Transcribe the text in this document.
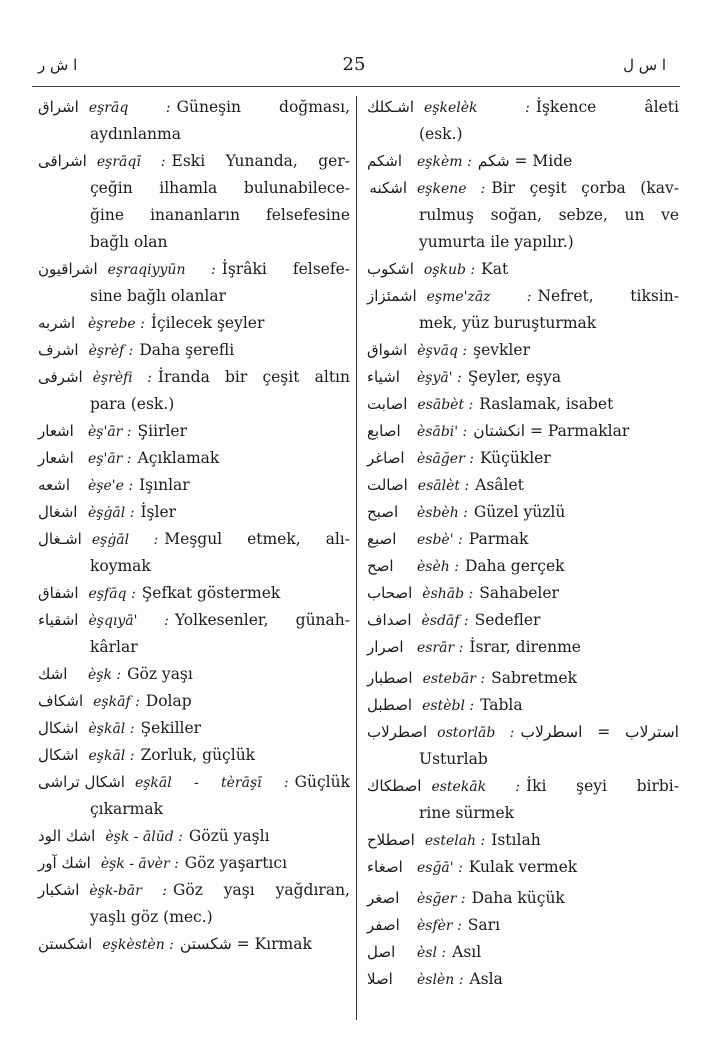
ا ش ر	25	ا س ل
اشراق eşrāq : Güneşin doğması,
aydınlanma
اشراقى eşrāqī : Eski Yunanda, ger-
çeğin ilhamla bulunabilece-
ğine inananların felsefesine
bağlı olan
اشراقيون eşraqiyyūn : İşrâki felsefe-
sine bağlı olanlar
اشربه èşrebe : İçilecek şeyler
اشرف èşrèf : Daha şerefli
اشرفى èşrèfi : İranda bir çeşit altın
para (esk.)
اشعار èş'ār : Şiirler
اشعار eş'ār : Açıklamak
اشعه èşe'e : Işınlar
اشغال èşġāl : İşler
اشـغال eşġāl : Meşgul etmek, alı-
koymak
اشفاق eşfāq : Şefkat göstermek
اشقياء èşqıyā' : Yolkesenler, günah-
kârlar
اشك èşk : Göz yaşı
اشكاف eşkāf : Dolap
اشكال èşkāl : Şekiller
اشكال eşkāl : Zorluk, güçlük
اشكال تراشى eşkāl - tèrāşī : Güçlük
çıkarmak
اشك الود èşk - ālūd : Gözü yaşlı
اشك آور èşk - āvèr : Göz yaşartıcı
اشكبار èşk-bār : Göz yaşı yağdıran,
yaşlı göz (mec.)
اشكستن eşkèstèn : شكستن = Kırmak
اشـكلك eşkelèk : İşkence âleti
(esk.)
اشكم eşkèm : شكم = Mide
اشكنه eşkene : Bir çeşit çorba (kav-
rulmuş soğan, sebze, un ve
yumurta ile yapılır.)
اشكوب oşkub : Kat
اشمئزاز eşme'zāz : Nefret, tiksin-
mek, yüz buruşturmak
اشواق èşvāq : şevkler
اشياء èşyā' : Şeyler, eşya
اصابت esābèt : Raslamak, isabet
اصابع èsābi' : انكشتان = Parmaklar
اصاغر èsāğer : Küçükler
اصالت esālèt : Asâlet
اصبح èsbèh : Güzel yüzlü
اصبع esbè' : Parmak
اصح èsèh : Daha gerçek
اصحاب èshāb : Sahabeler
اصداف èsdāf : Sedefler
اصرار esrār : İsrar, direnme
اصطبار estebār : Sabretmek
اصطبل estèbl : Tabla
اصطرلاب ostorlāb : استرلاب = اسطرلاب
Usturlab
اصطكاك estekāk : İki şeyi birbi-
rine sürmek
اصطلاح estelah : Istılah
اصغاء esğā' : Kulak vermek
اصغر èsğer : Daha küçük
اصفر èsfèr : Sarı
اصل èsl : Asıl
اصلا èslèn : Asla
